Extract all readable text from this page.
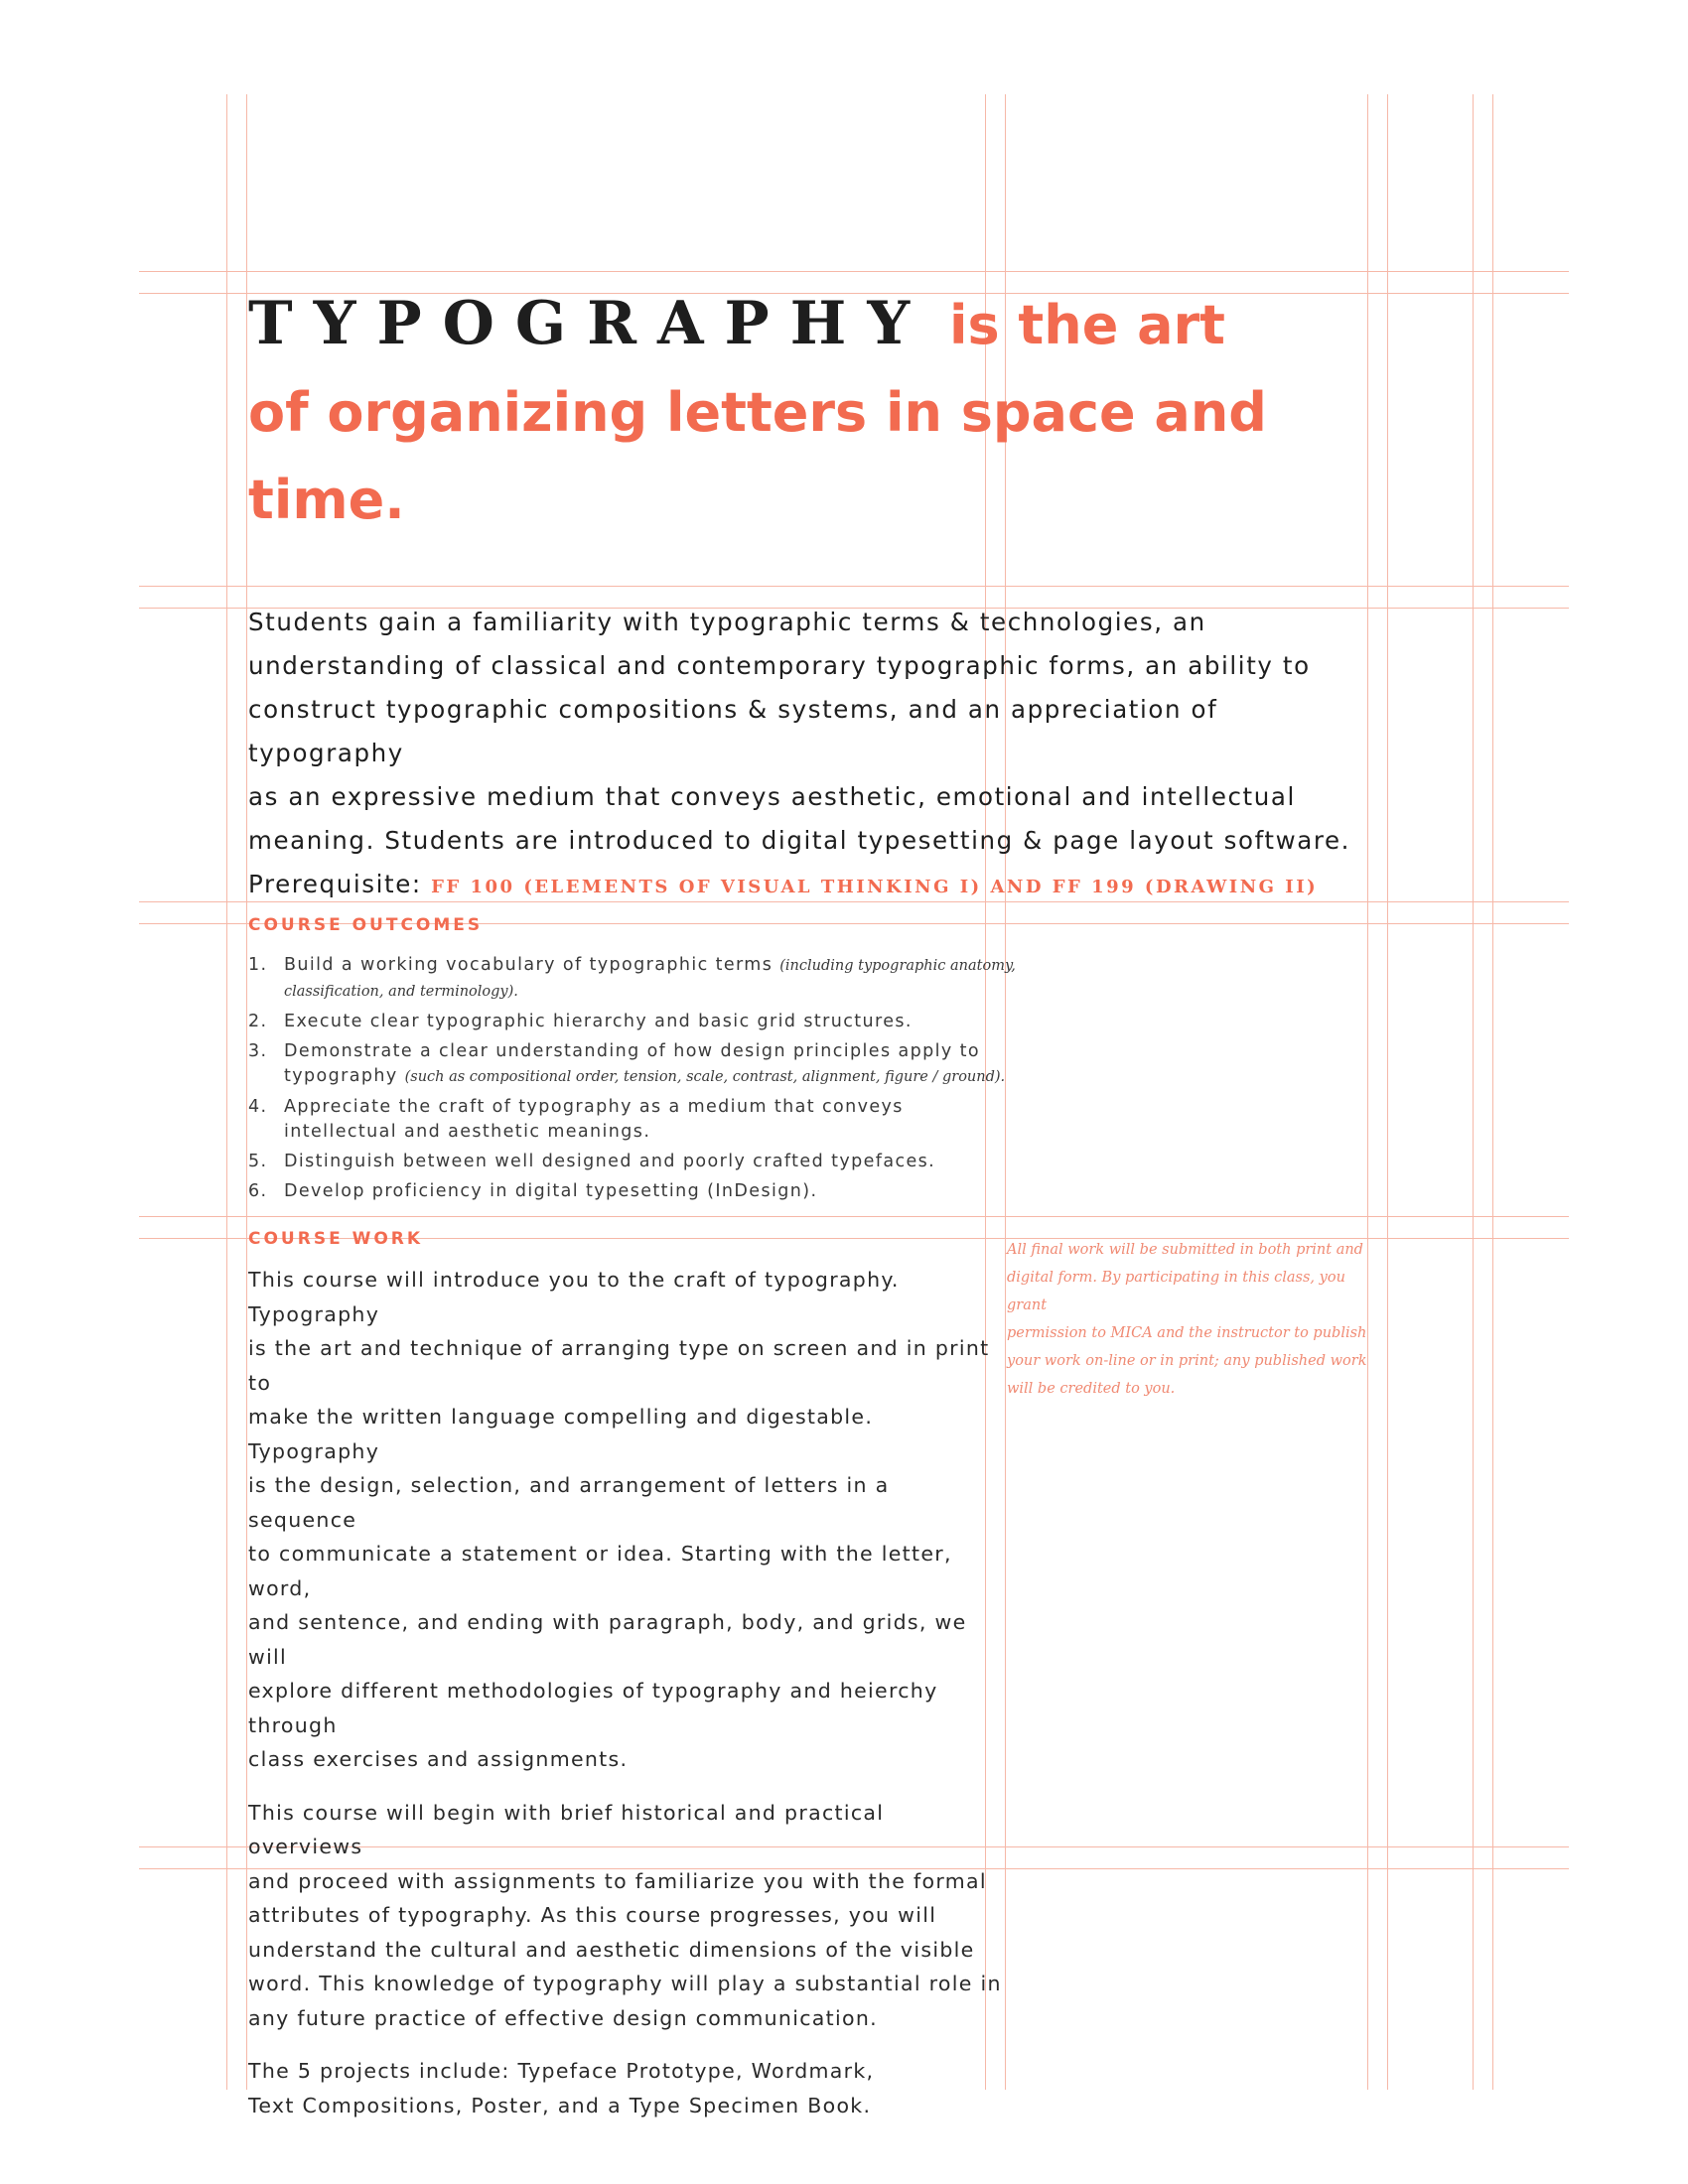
TYPOGRAPHY is the art
of organizing letters in space and time.

Students gain a familiarity with typographic terms & technologies, an
understanding of classical and contemporary typographic forms, an ability to
construct typographic compositions & systems, and an appreciation of typography
as an expressive medium that conveys aesthetic, emotional and intellectual
meaning. Students are introduced to digital typesetting & page layout software.
Prerequisite: FF 100 (ELEMENTS OF VISUAL THINKING I) AND FF 199 (DRAWING II)

COURSE OUTCOMES
1. Build a working vocabulary of typographic terms (including typographic anatomy, classification, and terminology).
2. Execute clear typographic hierarchy and basic grid structures.
3. Demonstrate a clear understanding of how design principles apply to typography (such as compositional order, tension, scale, contrast, alignment, figure / ground).
4. Appreciate the craft of typography as a medium that conveys intellectual and aesthetic meanings.
5. Distinguish between well designed and poorly crafted typefaces.
6. Develop proficiency in digital typesetting (InDesign).
COURSE WORK

This course will introduce you to the craft of typography. Typography
is the art and technique of arranging type on screen and in print to
make the written language compelling and digestable. Typography
is the design, selection, and arrangement of letters in a sequence
to communicate a statement or idea. Starting with the letter, word,
and sentence, and ending with paragraph, body, and grids, we will
explore different methodologies of typography and heierchy through
class exercises and assignments.

This course will begin with brief historical and practical overviews
and proceed with assignments to familiarize you with the formal
attributes of typography. As this course progresses, you will
understand the cultural and aesthetic dimensions of the visible
word. This knowledge of typography will play a substantial role in
any future practice of effective design communication.

The 5 projects include: Typeface Prototype, Wordmark,
Text Compositions, Poster, and a Type Specimen Book.

All final work will be submitted in both print and
digital form. By participating in this class, you grant
permission to MICA and the instructor to publish
your work on-line or in print; any published work
will be credited to you.
